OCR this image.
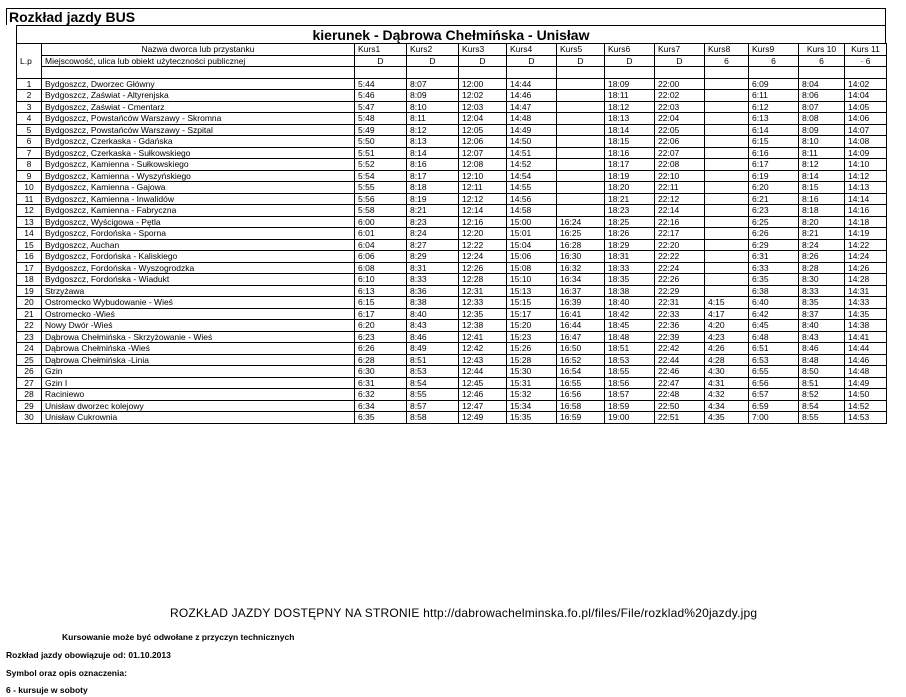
Rozkład jazdy BUS
kierunek - Dąbrowa Chełmińska - Unisław
L.p	Nazwa dworca lub przystanku	Kurs1	Kurs2	Kurs3	Kurs4	Kurs5	Kurs6	Kurs7	Kurs8	Kurs9	Kurs 10	Kurs 11
	Miejscowość, ulica lub obiekt użyteczności publicznej	D	D	D	D	D	D	D	6	6	6	· 6

1	Bydgoszcz, Dworzec Główny	5:44	8:07	12:00	14:44		18:09	22:00		6:09	8:04	14:02
2	Bydgoszcz, Zaświat - Altyrenjska	5:46	8:09	12:02	14:46		18:11	22:02		6:11	8:06	14:04
3	Bydgoszcz, Zaświat - Cmentarz	5:47	8:10	12:03	14:47		18:12	22:03		6:12	8:07	14:05
4	Bydgoszcz, Powstańców Warszawy - Skromna	5:48	8:11	12:04	14:48		18:13	22:04		6:13	8:08	14:06
5	Bydgoszcz, Powstańców Warszawy - Szpital	5:49	8:12	12:05	14:49		18:14	22:05		6:14	8:09	14:07
6	Bydgoszcz, Czerkaska - Gdańska	5:50	8:13	12:06	14:50		18:15	22:06		6:15	8:10	14:08
7	Bydgoszcz, Czerkaska - Sułkowskiego	5:51	8:14	12:07	14:51		18:16	22:07		6:16	8:11	14:09
8	Bydgoszcz, Kamienna - Sułkowskiego	5:52	8:16	12:08	14:52		18:17	22:08		6:17	8:12	14:10
9	Bydgoszcz, Kamienna - Wyszyńskiego	5:54	8:17	12:10	14:54		18:19	22:10		6:19	8:14	14:12
10	Bydgoszcz, Kamienna - Gajowa	5:55	8:18	12:11	14:55		18:20	22:11		6:20	8:15	14:13
11	Bydgoszcz, Kamienna - Inwalidów	5:56	8:19	12:12	14:56		18:21	22:12		6:21	8:16	14:14
12	Bydgoszcz, Kamienna - Fabryczna	5:58	8:21	12:14	14:58		18:23	22:14		6:23	8:18	14:16
13	Bydgoszcz, Wyścigowa - Pętla	6:00	8:23	12:16	15:00	16:24	18:25	22:16		6:25	8:20	14:18
14	Bydgoszcz, Fordońska - Sporna	6:01	8:24	12:20	15:01	16:25	18:26	22:17		6:26	8:21	14:19
15	Bydgoszcz, Auchan	6:04	8:27	12:22	15:04	16:28	18:29	22:20		6:29	8:24	14:22
16	Bydgoszcz, Fordońska - Kaliskiego	6:06	8:29	12:24	15:06	16:30	18:31	22:22		6:31	8:26	14:24
17	Bydgoszcz, Fordońska - Wyszogrodzka	6:08	8:31	12:26	15:08	16:32	18:33	22:24		6:33	8:28	14:26
18	Bydgoszcz, Fordońska - Wiadukt	6:10	8:33	12:28	15:10	16:34	18:35	22:26		6:35	8:30	14:28
19	Strzyżawa	6:13	8:36	12:31	15:13	16:37	18:38	22:29		6:38	8:33	14:31
20	Ostromecko Wybudowanie - Wieś	6:15	8:38	12:33	15:15	16:39	18:40	22:31	4:15	6:40	8:35	14:33
21	Ostromecko -Wieś	6:17	8:40	12:35	15:17	16:41	18:42	22:33	4:17	6:42	8:37	14:35
22	Nowy Dwór -Wieś	6:20	8:43	12:38	15:20	16:44	18:45	22:36	4:20	6:45	8:40	14:38
23	Dąbrowa Chełmińska - Skrzyżowanie - Wieś	6:23	8:46	12:41	15:23	16:47	18:48	22:39	4:23	6:48	8:43	14:41
24	Dąbrowa Chełmińska -Wieś	6:26	8:49	12:42	15:26	16:50	18:51	22:42	4:26	6:51	8:46	14:44
25	Dąbrowa Chełmińska -Linia	6:28	8:51	12:43	15:28	16:52	18:53	22:44	4:28	6:53	8:48	14:46
26	Gzin	6:30	8:53	12:44	15:30	16:54	18:55	22:46	4:30	6:55	8:50	14:48
27	Gzin I	6:31	8:54	12:45	15:31	16:55	18:56	22:47	4:31	6:56	8:51	14:49
28	Raciniewo	6:32	8:55	12:46	15:32	16:56	18:57	22:48	4:32	6:57	8:52	14:50
29	Unisław dworzec kolejowy	6:34	8:57	12:47	15:34	16:58	18:59	22:50	4:34	6:59	8:54	14:52
30	Unisław Cukrownia	6:35	8:58	12:49	15:35	16:59	19:00	22:51	4:35	7:00	8:55	14:53
ROZKŁAD JAZDY DOSTĘPNY NA STRONIE http://dabrowachelminska.fo.pl/files/File/rozklad%20jazdy.jpg
Kursowanie może być odwołane z przyczyn technicznych
Rozkład jazdy obowiązuje od: 01.10.2013
Symbol oraz opis oznaczenia:
6 - kursuje w soboty
